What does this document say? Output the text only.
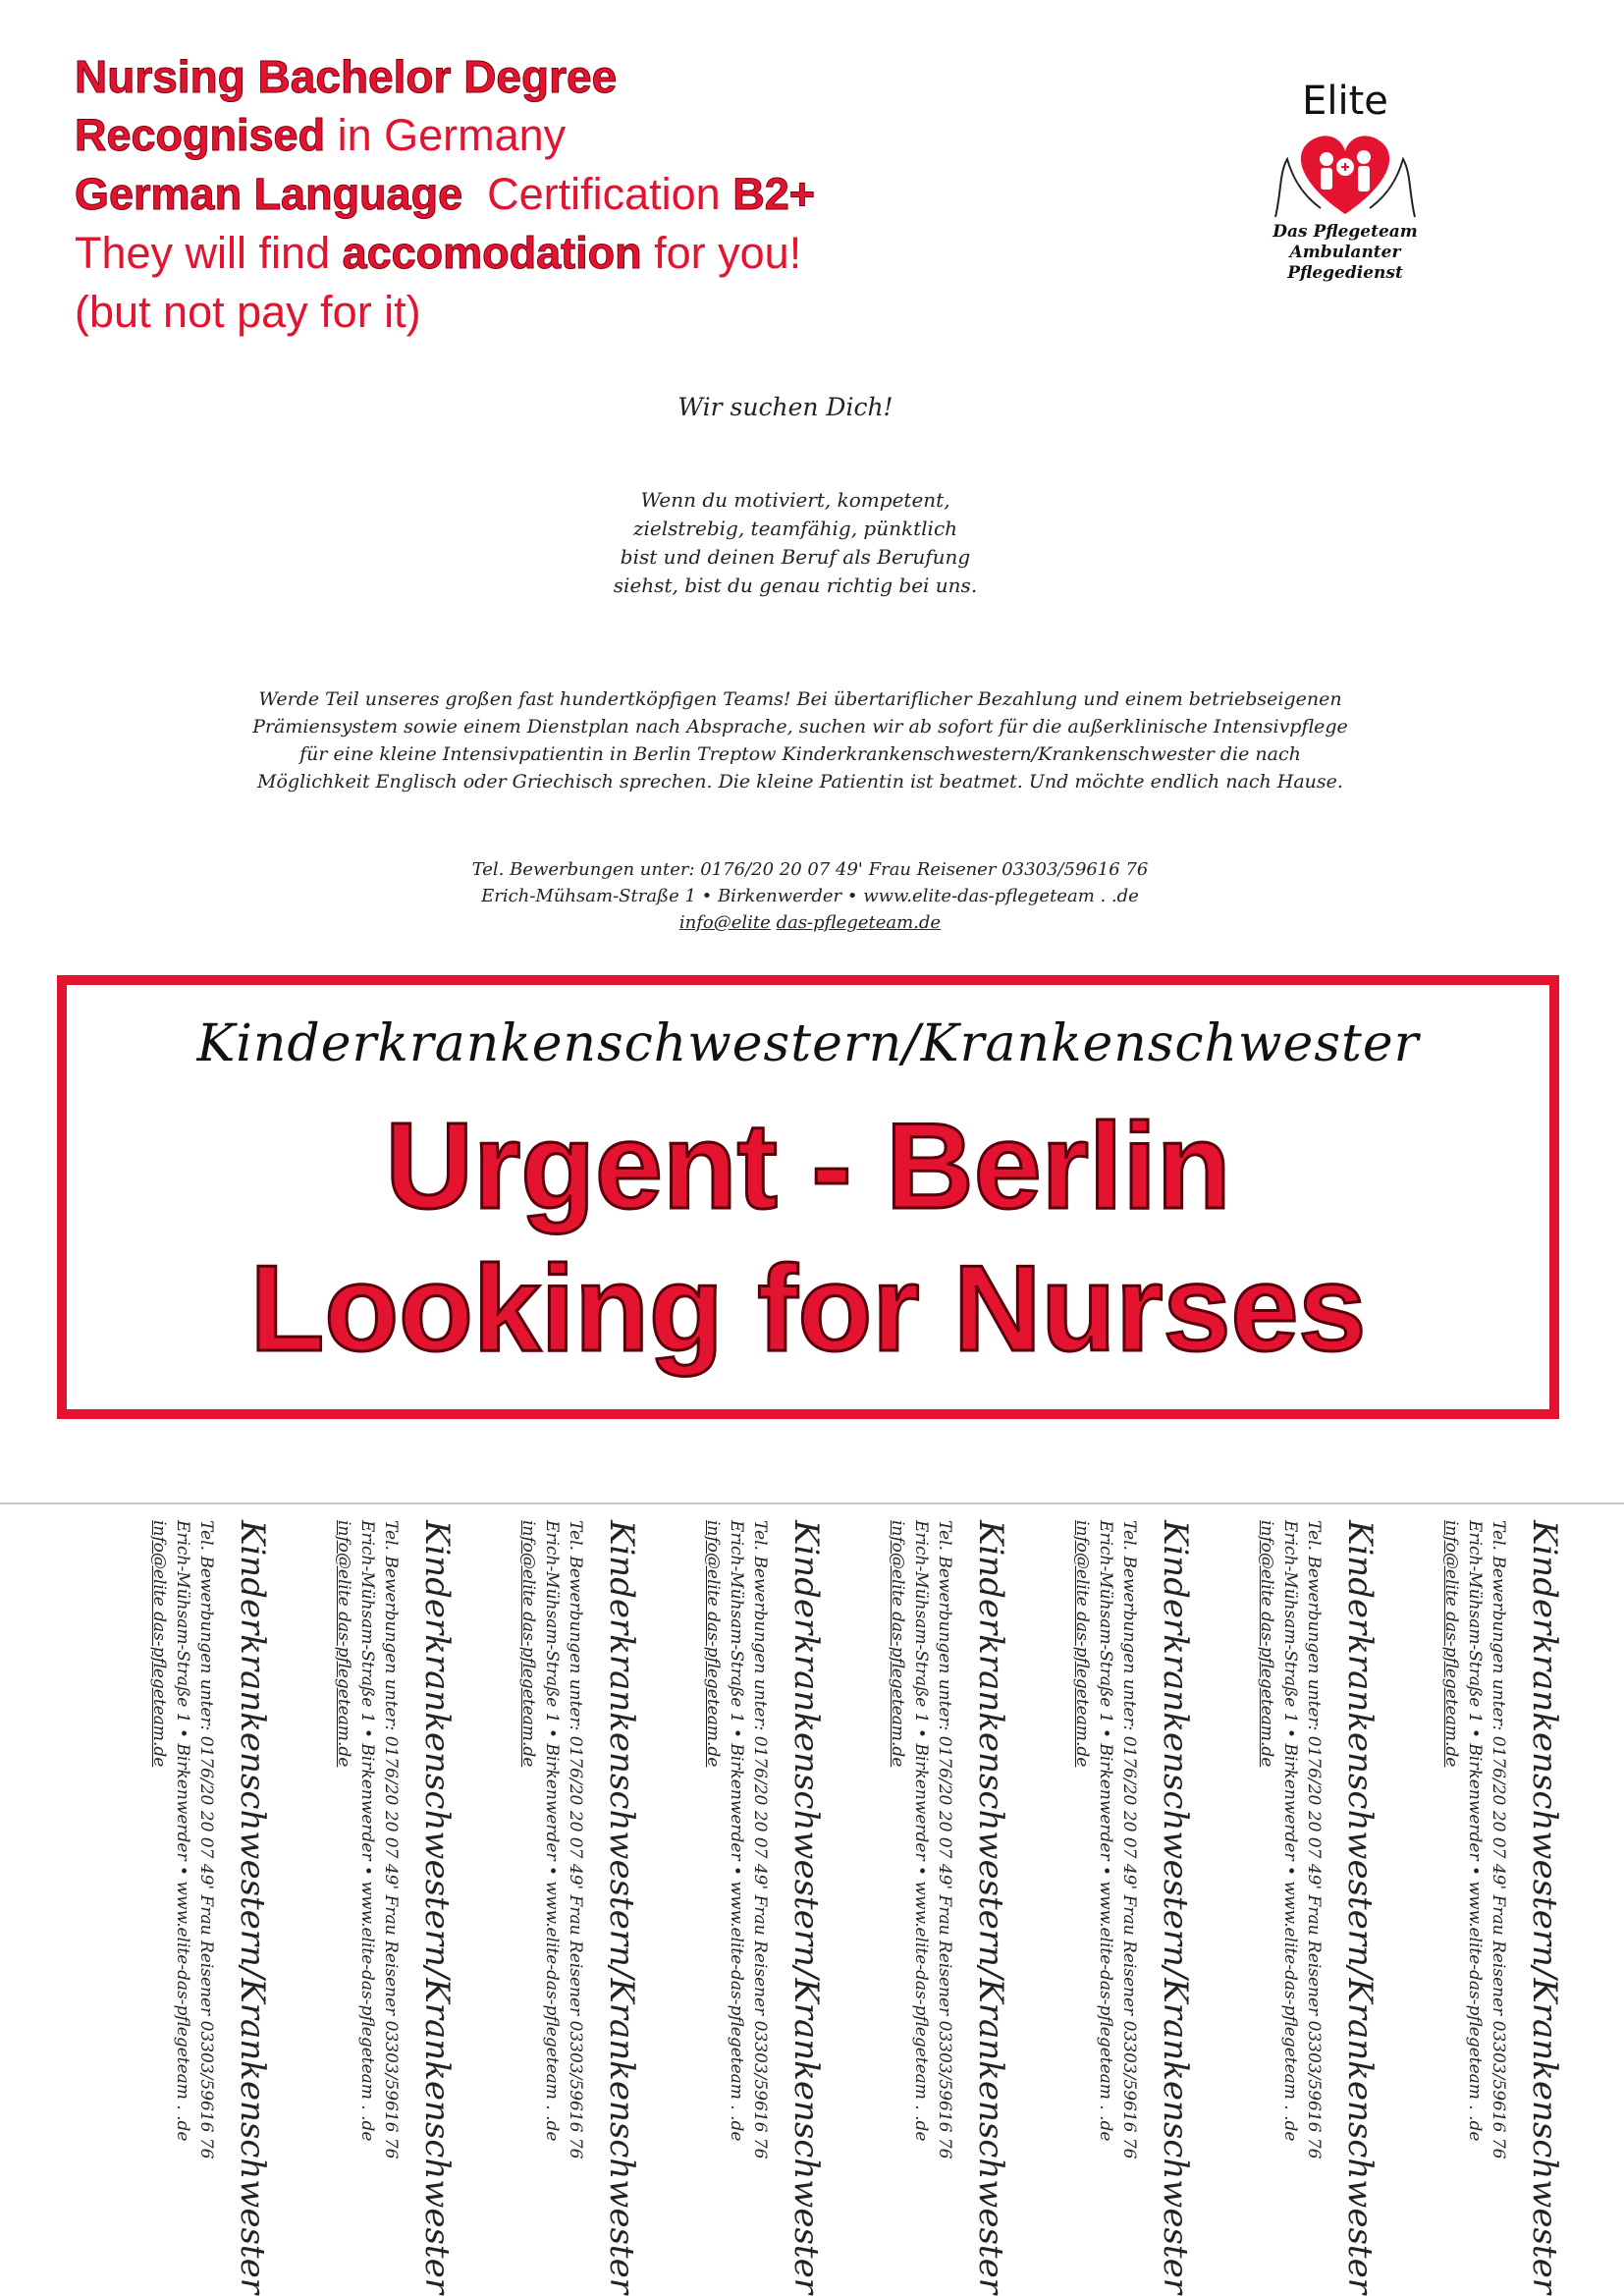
Nursing Bachelor Degree
Recognised in Germany
German Language  Certification B2+
They will find accomodation for you!
(but not pay for it)
Elite
Das Pflegeteam
Ambulanter
Pflegedienst
Wir suchen Dich!
Wenn du motiviert, kompetent,
zielstrebig, teamfähig, pünktlich
bist und deinen Beruf als Berufung
siehst, bist du genau richtig bei uns.
Werde Teil unseres großen fast hundertköpfigen Teams! Bei übertariflicher Bezahlung und einem betriebseigenen
Prämiensystem sowie einem Dienstplan nach Absprache, suchen wir ab sofort für die außerklinische Intensivpflege
für eine kleine Intensivpatientin in Berlin Treptow Kinderkrankenschwestern/Krankenschwester die nach
Möglichkeit Englisch oder Griechisch sprechen. Die kleine Patientin ist beatmet. Und möchte endlich nach Hause.
Tel. Bewerbungen unter: 0176/20 20 07 49' Frau Reisener 03303/59616 76
Erich-Mühsam-Straße 1 • Birkenwerder • www.elite-das-pflegeteam . .de
info@elite das-pflegeteam.de
Kinderkrankenschwestern/Krankenschwester
Urgent - Berlin
Looking for Nurses
Kinderkrankenschwestern/Krankenschwester
Tel. Bewerbungen unter: 0176/20 20 07 49' Frau Reisener 03303/59616 76
Erich-Mühsam-Straße 1 • Birkenwerder • www.elite-das-pflegeteam . .de
info@elite das-pflegeteam.de	Kinderkrankenschwestern/Krankenschwester
Tel. Bewerbungen unter: 0176/20 20 07 49' Frau Reisener 03303/59616 76
Erich-Mühsam-Straße 1 • Birkenwerder • www.elite-das-pflegeteam . .de
info@elite das-pflegeteam.de	Kinderkrankenschwestern/Krankenschwester
Tel. Bewerbungen unter: 0176/20 20 07 49' Frau Reisener 03303/59616 76
Erich-Mühsam-Straße 1 • Birkenwerder • www.elite-das-pflegeteam . .de
info@elite das-pflegeteam.de	Kinderkrankenschwestern/Krankenschwester
Tel. Bewerbungen unter: 0176/20 20 07 49' Frau Reisener 03303/59616 76
Erich-Mühsam-Straße 1 • Birkenwerder • www.elite-das-pflegeteam . .de
info@elite das-pflegeteam.de	Kinderkrankenschwestern/Krankenschwester
Tel. Bewerbungen unter: 0176/20 20 07 49' Frau Reisener 03303/59616 76
Erich-Mühsam-Straße 1 • Birkenwerder • www.elite-das-pflegeteam . .de
info@elite das-pflegeteam.de	Kinderkrankenschwestern/Krankenschwester
Tel. Bewerbungen unter: 0176/20 20 07 49' Frau Reisener 03303/59616 76
Erich-Mühsam-Straße 1 • Birkenwerder • www.elite-das-pflegeteam . .de
info@elite das-pflegeteam.de	Kinderkrankenschwestern/Krankenschwester
Tel. Bewerbungen unter: 0176/20 20 07 49' Frau Reisener 03303/59616 76
Erich-Mühsam-Straße 1 • Birkenwerder • www.elite-das-pflegeteam . .de
info@elite das-pflegeteam.de	Kinderkrankenschwestern/Krankenschwester
Tel. Bewerbungen unter: 0176/20 20 07 49' Frau Reisener 03303/59616 76
Erich-Mühsam-Straße 1 • Birkenwerder • www.elite-das-pflegeteam . .de
info@elite das-pflegeteam.de
